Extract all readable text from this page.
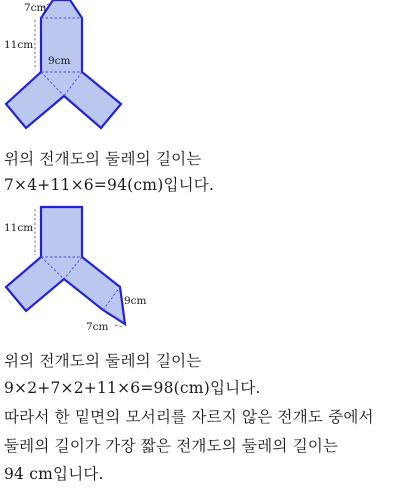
7cm
11cm
9cm
위의 전개도의 둘레의 길이는
7×4+11×6=94(cm)입니다.
11cm
9cm
7cm
위의 전개도의 둘레의 길이는
9×2+7×2+11×6=98(cm)입니다.
따라서 한 밑면의 모서리를 자르지 않은 전개도 중에서
둘레의 길이가 가장 짧은 전개도의 둘레의 길이는
94 cm입니다.
